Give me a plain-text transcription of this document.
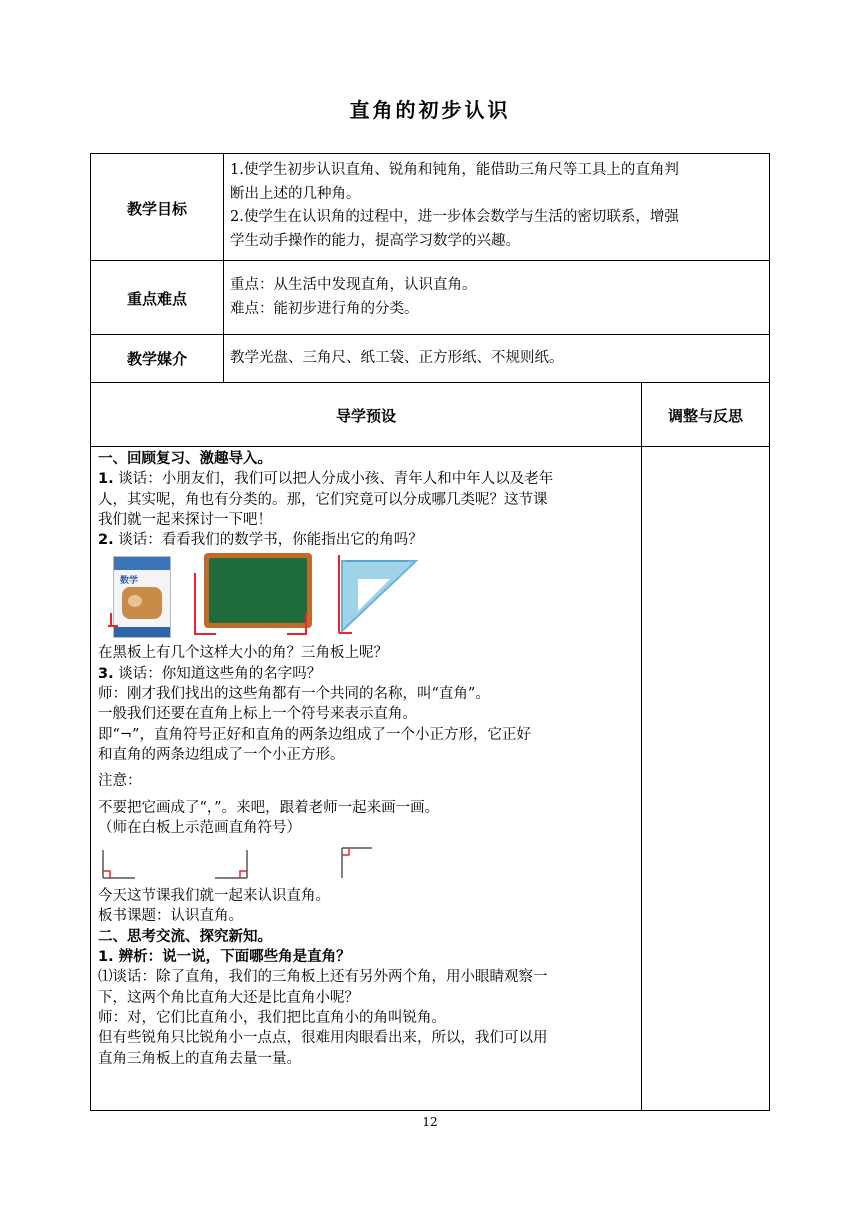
直角的初步认识
教学目标
1.使学生初步认识直角、锐角和钝角，能借助三角尺等工具上的直角判
断出上述的几种角。
2.使学生在认识角的过程中，进一步体会数学与生活的密切联系，增强
学生动手操作的能力，提高学习数学的兴趣。
重点难点
重点：从生活中发现直角，认识直角。
难点：能初步进行角的分类。
教学媒介	教学光盘、三角尺、纸工袋、正方形纸、不规则纸。
导学预设	调整与反思

一、回顾复习、激趣导入。

1. 谈话：小朋友们，我们可以把人分成小孩、青年人和中年人以及老年

人，其实呢，角也有分类的。那，它们究竟可以分成哪几类呢？这节课

我们就一起来探讨一下吧！

2. 谈话：看看我们的数学书，你能指出它的角吗？

数学

在黑板上有几个这样大小的角？三角板上呢？

3. 谈话：你知道这些角的名字吗？

师：刚才我们找出的这些角都有一个共同的名称，叫“直角”。

一般我们还要在直角上标上一个符号来表示直角。

即“¬”，直角符号正好和直角的两条边组成了一个小正方形，它正好

和直角的两条边组成了一个小正方形。

注意：

不要把它画成了“，”。来吧，跟着老师一起来画一画。

（师在白板上示范画直角符号）

今天这节课我们就一起来认识直角。

板书课题：认识直角。

二、思考交流、探究新知。

1. 辨析：说一说，下面哪些角是直角？

⑴谈话：除了直角，我们的三角板上还有另外两个角，用小眼睛观察一

下，这两个角比直角大还是比直角小呢？

师：对，它们比直角小，我们把比直角小的角叫锐角。

但有些锐角只比锐角小一点点，很难用肉眼看出来，所以，我们可以用

直角三角板上的直角去量一量。

12
